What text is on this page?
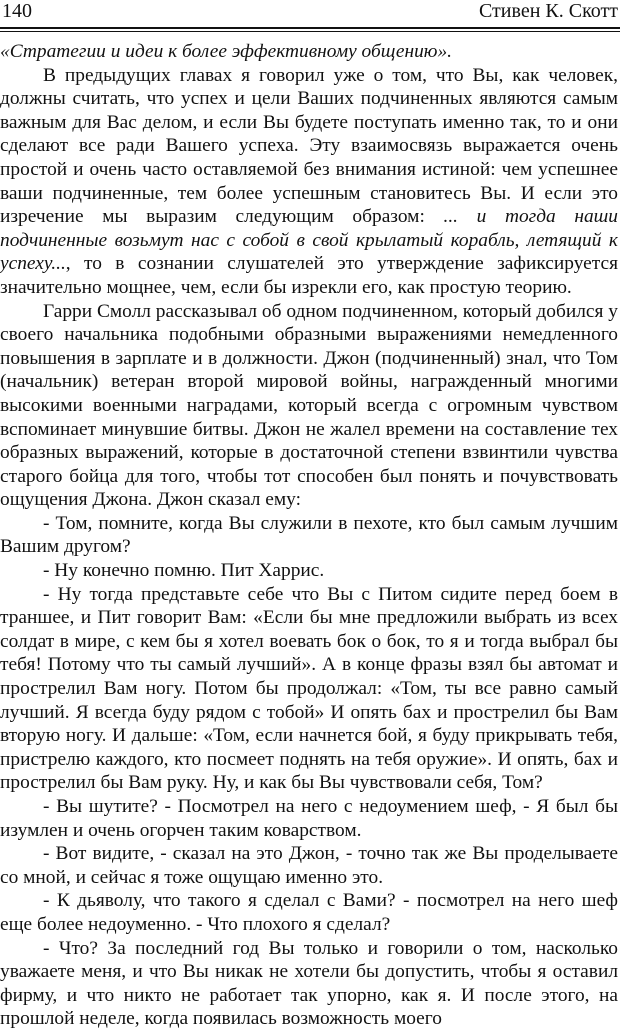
140	Стивен К. Скотт

«Стратегии и идеи к более эффективному общению».

В предыдущих главах я говорил уже о том, что Вы, как человек, должны считать, что успех и цели Ваших подчиненных являются самым важным для Вас делом, и если Вы будете поступать именно так, то и они сделают все ради Вашего успеха. Эту взаимосвязь выражается очень простой и очень часто оставляемой без внимания истиной: чем успешнее ваши подчиненные, тем более успешным становитесь Вы. И если это изречение мы выразим следующим образом: ... и тогда наши подчиненные возьмут нас с собой в свой крылатый корабль, летящий к успеху..., то в сознании слушателей это утверждение зафиксируется значительно мощнее, чем, если бы изрекли его, как простую теорию.

Гарри Смолл рассказывал об одном подчиненном, который добился у своего начальника подобными образными выражениями немедленного повышения в зарплате и в должности. Джон (подчиненный) знал, что Том (начальник) ветеран второй мировой войны, награжденный многими высокими военными наградами, который всегда с огромным чувством вспоминает минувшие битвы. Джон не жалел времени на составление тех образных выражений, которые в достаточной степени взвинтили чувства старого бойца для того, чтобы тот способен был понять и почувствовать ощущения Джона. Джон сказал ему:

- Том, помните, когда Вы служили в пехоте, кто был самым лучшим Вашим другом?

- Ну конечно помню. Пит Харрис.

- Ну тогда представьте себе что Вы с Питом сидите перед боем в траншее, и Пит говорит Вам: «Если бы мне предложили выбрать из всех солдат в мире, с кем бы я хотел воевать бок о бок, то я и тогда выбрал бы тебя! Потому что ты самый лучший». А в конце фразы взял бы автомат и прострелил Вам ногу. Потом бы продолжал: «Том, ты все равно самый лучший. Я всегда буду рядом с тобой» И опять бах и прострелил бы Вам вторую ногу. И дальше: «Том, если начнется бой, я буду прикрывать тебя, пристрелю каждого, кто посмеет поднять на тебя оружие». И опять, бах и прострелил бы Вам руку. Ну, и как бы Вы чувствовали себя, Том?

- Вы шутите? - Посмотрел на него с недоумением шеф, - Я был бы изумлен и очень огорчен таким коварством.

- Вот видите, - сказал на это Джон, - точно так же Вы проделываете со мной, и сейчас я тоже ощущаю именно это.

- К дьяволу, что такого я сделал с Вами? - посмотрел на него шеф еще более недоуменно. - Что плохого я сделал?

- Что? За последний год Вы только и говорили о том, насколько уважаете меня, и что Вы никак не хотели бы допустить, чтобы я оставил фирму, и что никто не работает так упорно, как я. И после этого, на прошлой неделе, когда появилась возможность моего
